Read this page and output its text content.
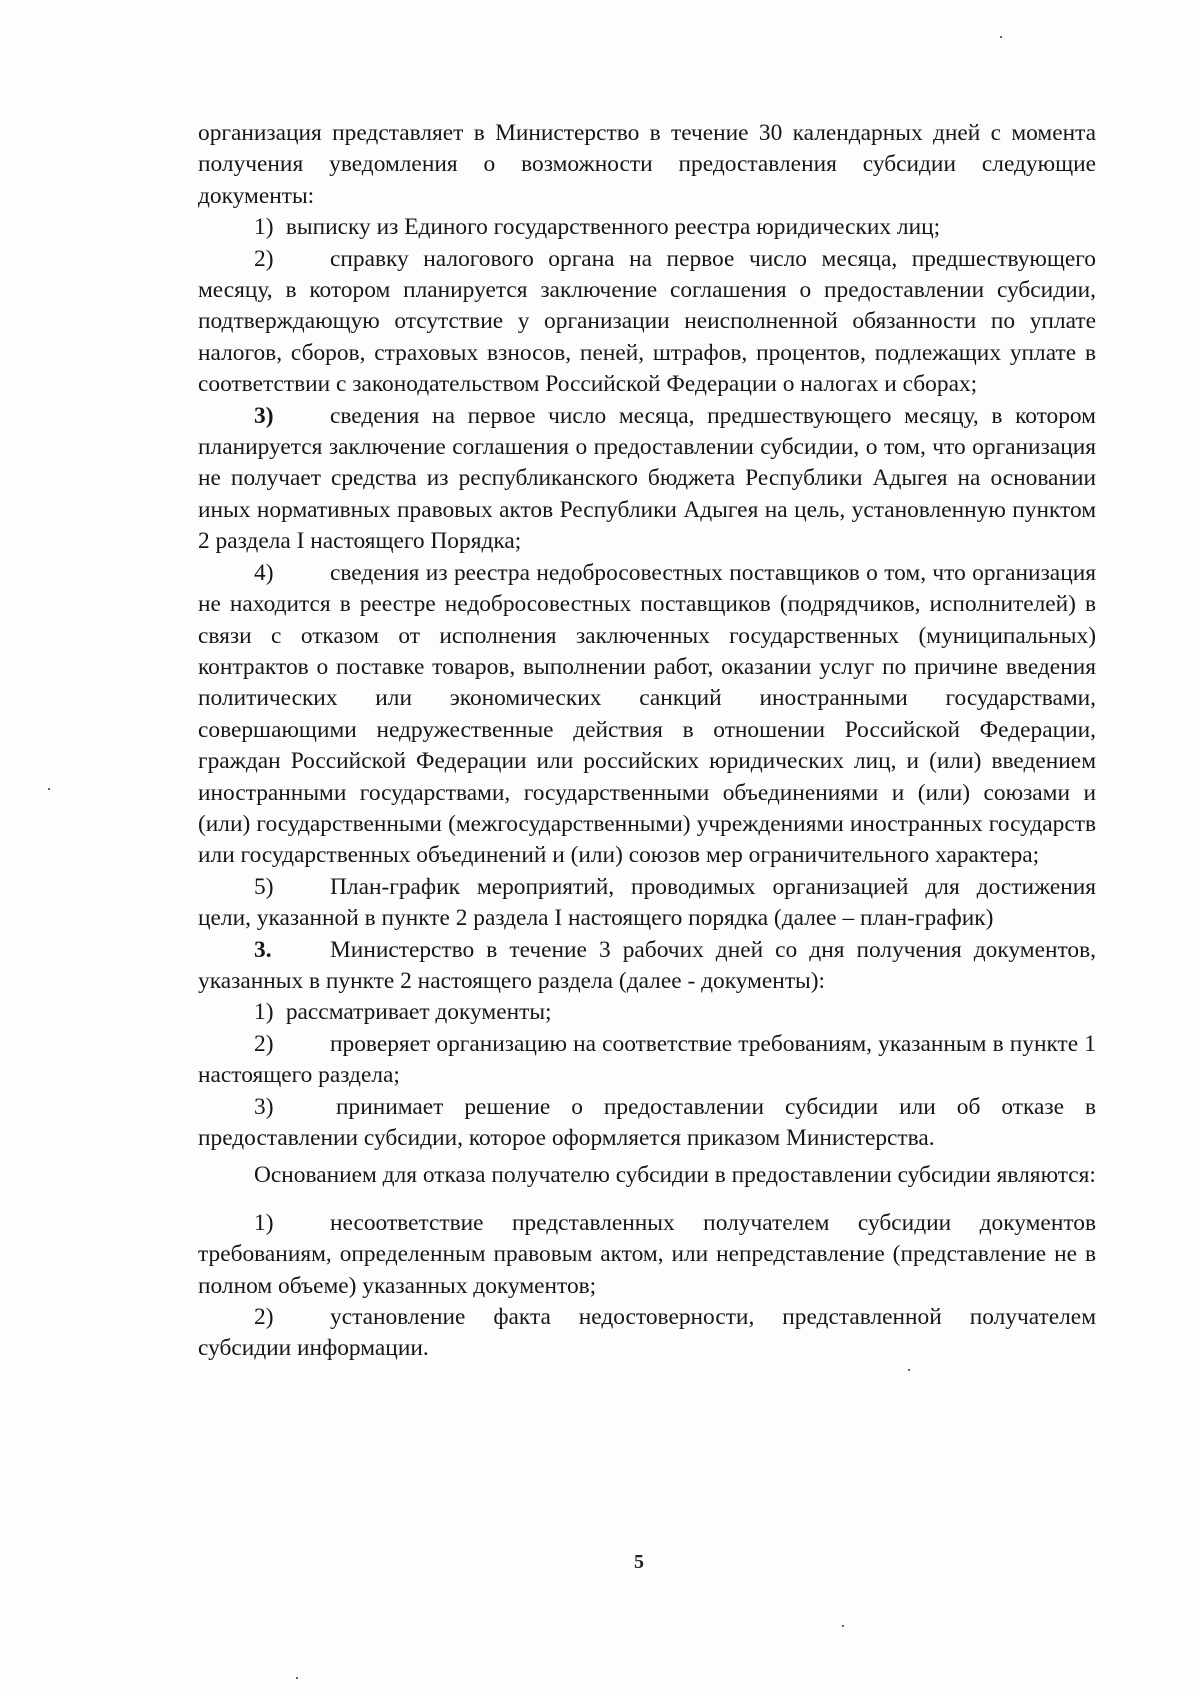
организация представляет в Министерство в течение 30 календарных дней с момента получения уведомления о возможности предоставления субсидии следующие документы:

1) выписку из Единого государственного реестра юридических лиц;

2) справку налогового органа на первое число месяца, предшествующего месяцу, в котором планируется заключение соглашения о предоставлении субсидии, подтверждающую отсутствие у организации неисполненной обязанности по уплате налогов, сборов, страховых взносов, пеней, штрафов, процентов, подлежащих уплате в соответствии с законодательством Российской Федерации о налогах и сборах;

3) сведения на первое число месяца, предшествующего месяцу, в котором планируется заключение соглашения о предоставлении субсидии, о том, что организация не получает средства из республиканского бюджета Республики Адыгея на основании иных нормативных правовых актов Республики Адыгея на цель, установленную пунктом 2 раздела I настоящего Порядка;

4) сведения из реестра недобросовестных поставщиков о том, что организация не находится в реестре недобросовестных поставщиков (подрядчиков, исполнителей) в связи с отказом от исполнения заключенных государственных (муниципальных) контрактов о поставке товаров, выполнении работ, оказании услуг по причине введения политических или экономических санкций иностранными государствами, совершающими недружественные действия в отношении Российской Федерации, граждан Российской Федерации или российских юридических лиц, и (или) введением иностранными государствами, государственными объединениями и (или) союзами и (или) государственными (межгосударственными) учреждениями иностранных государств или государственных объединений и (или) союзов мер ограничительного характера;

5) План-график мероприятий, проводимых организацией для достижения цели, указанной в пункте 2 раздела I настоящего порядка (далее – план-график)

3. Министерство в течение 3 рабочих дней со дня получения документов, указанных в пункте 2 настоящего раздела (далее - документы):

1) рассматривает документы;

2) проверяет организацию на соответствие требованиям, указанным в пункте 1 настоящего раздела;

3)	принимает решение о предоставлении субсидии или об отказе в предоставлении субсидии, которое оформляется приказом Министерства.

Основанием для отказа получателю субсидии в предоставлении субсидии являются:

1) несоответствие представленных получателем субсидии документов требованиям, определенным правовым актом, или непредставление (представление не в полном объеме) указанных документов;

2) установление факта недостоверности, представленной получателем субсидии информации.

5
